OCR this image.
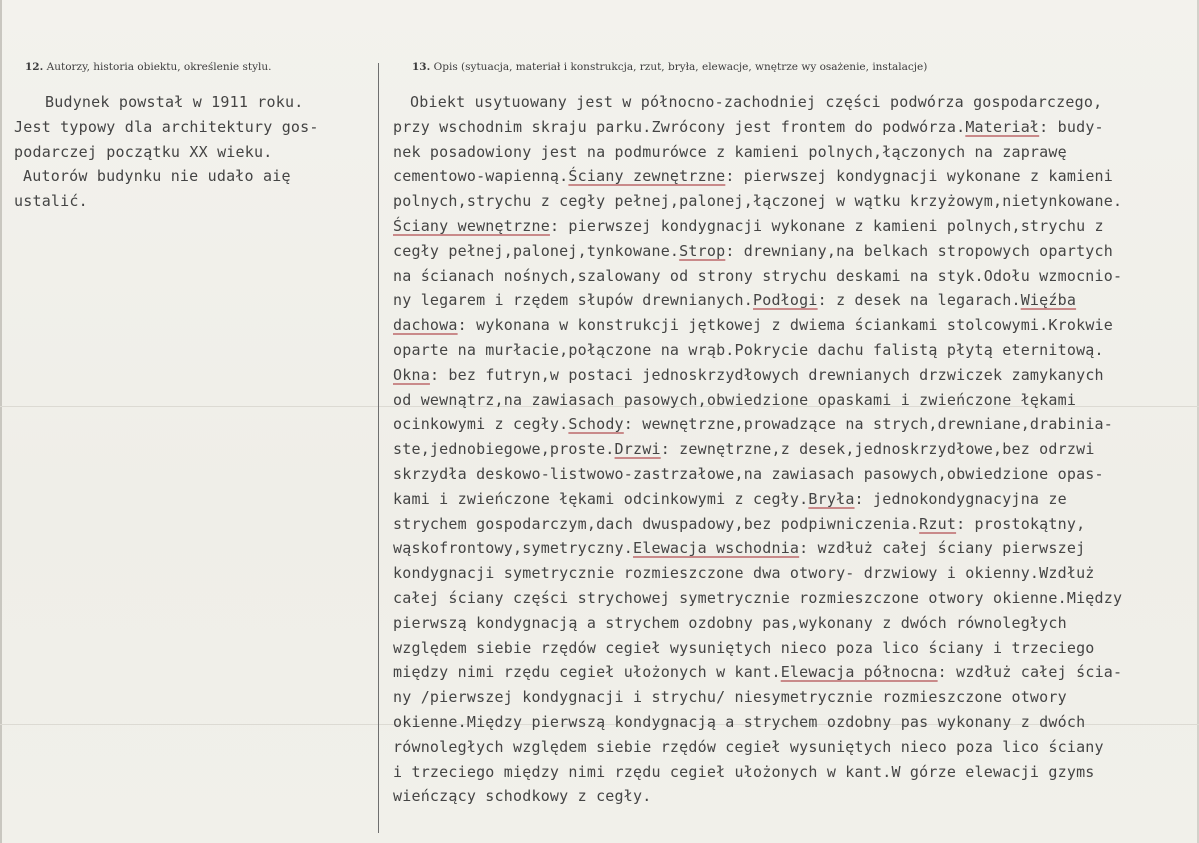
12. Autorzy, historia obiektu, określenie stylu.	13. Opis (sytuacja, materiał i konstrukcja, rzut, bryła, elewacje, wnętrze wy osażenie, instalacje)
Budynek powstał w 1911 roku.
Jest typowy dla architektury gos-
podarczej początku XX wieku.
Autorów budynku nie udało aię
ustalić.
Obiekt usytuowany jest w północno-zachodniej części podwórza gospodarczego,
przy wschodnim skraju parku.Zwrócony jest frontem do podwórza.Materiał: budy-
nek posadowiony jest na podmurówce z kamieni polnych,łączonych na zaprawę
cementowo-wapienną.Ściany zewnętrzne: pierwszej kondygnacji wykonane z kamieni
polnych,strychu z cegły pełnej,palonej,łączonej w wątku krzyżowym,nietynkowane.
Ściany wewnętrzne: pierwszej kondygnacji wykonane z kamieni polnych,strychu z
cegły pełnej,palonej,tynkowane.Strop: drewniany,na belkach stropowych opartych
na ścianach nośnych,szalowany od strony strychu deskami na styk.Odołu wzmocnio-
ny legarem i rzędem słupów drewnianych.Podłogi: z desek na legarach.Więźba
dachowa: wykonana w konstrukcji jętkowej z dwiema ściankami stolcowymi.Krokwie
oparte na murłacie,połączone na wrąb.Pokrycie dachu falistą płytą eternitową.
Okna: bez futryn,w postaci jednoskrzydłowych drewnianych drzwiczek zamykanych
od wewnątrz,na zawiasach pasowych,obwiedzione opaskami i zwieńczone łękami
ocinkowymi z cegły.Schody: wewnętrzne,prowadzące na strych,drewniane,drabinia-
ste,jednobiegowe,proste.Drzwi: zewnętrzne,z desek,jednoskrzydłowe,bez odrzwi
skrzydła deskowo-listwowo-zastrzałowe,na zawiasach pasowych,obwiedzione opas-
kami i zwieńczone łękami odcinkowymi z cegły.Bryła: jednokondygnacyjna ze
strychem gospodarczym,dach dwuspadowy,bez podpiwniczenia.Rzut: prostokątny,
wąskofrontowy,symetryczny.Elewacja wschodnia: wzdłuż całej ściany pierwszej
kondygnacji symetrycznie rozmieszczone dwa otwory- drzwiowy i okienny.Wzdłuż
całej ściany części strychowej symetrycznie rozmieszczone otwory okienne.Między
pierwszą kondygnacją a strychem ozdobny pas,wykonany z dwóch równoległych
względem siebie rzędów cegieł wysuniętych nieco poza lico ściany i trzeciego
między nimi rzędu cegieł ułożonych w kant.Elewacja północna: wzdłuż całej ścia-
ny /pierwszej kondygnacji i strychu/ niesymetrycznie rozmieszczone otwory
okienne.Między pierwszą kondygnacją a strychem ozdobny pas wykonany z dwóch
równoległych względem siebie rzędów cegieł wysuniętych nieco poza lico ściany
i trzeciego między nimi rzędu cegieł ułożonych w kant.W górze elewacji gzyms
wieńczący schodkowy z cegły.
